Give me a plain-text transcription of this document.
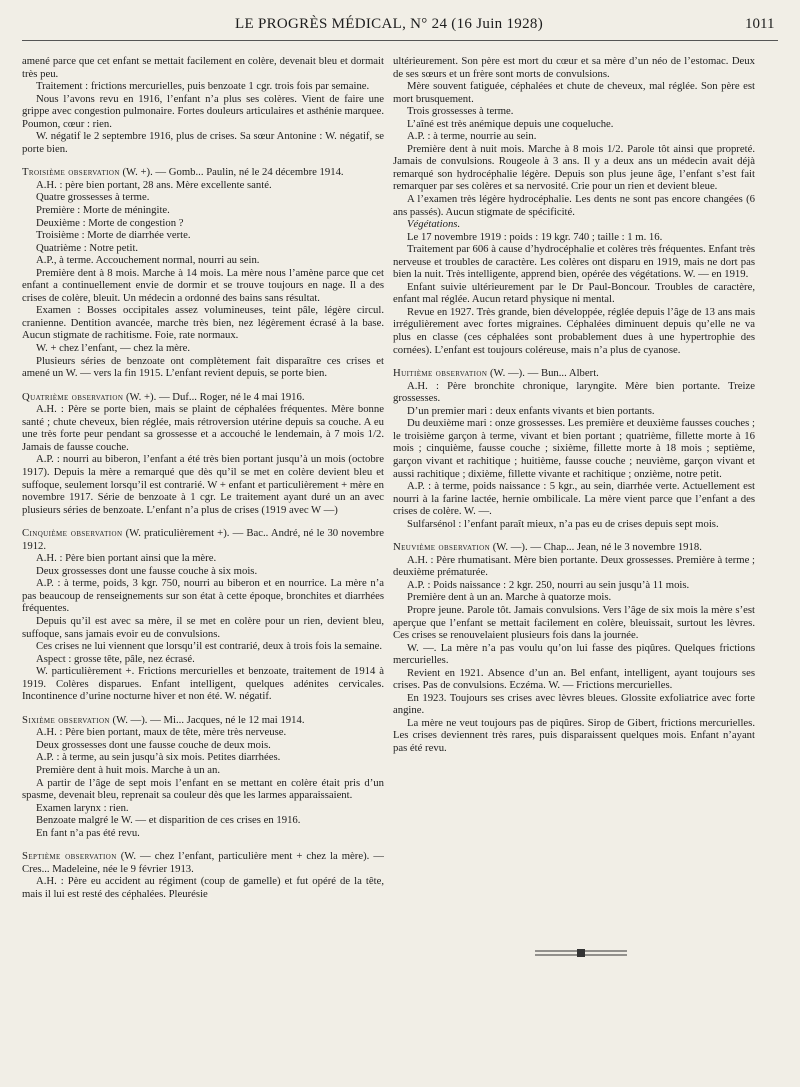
LE PROGRÈS MÉDICAL, N° 24 (16 Juin 1928)	1011

amené parce que cet enfant se mettait facilement en colère, devenait bleu et dormait très peu.

Traitement : frictions mercurielles, puis benzoate 1 cgr. trois fois par semaine.

Nous l’avons revu en 1916, l’enfant n’a plus ses colères. Vient de faire une grippe avec congestion pulmonaire. Fortes douleurs articulaires et asthénie marquee. Poumon, cœur : rien.

W. négatif le 2 septembre 1916, plus de crises. Sa sœur Antonine : W. négatif, se porte bien.

Troisième observation (W. +). — Gomb... Paulin, né le 24 décembre 1914.

A.H. : père bien portant, 28 ans. Mère excellente santé.

Quatre grossesses à terme.

Première : Morte de méningite.

Deuxième : Morte de congestion ?

Troisième : Morte de diarrhée verte.

Quatrième : Notre petit.

A.P., à terme. Accouchement normal, nourri au sein.

Première dent à 8 mois. Marche à 14 mois. La mère nous l’amène parce que cet enfant a continuellement envie de dormir et se trouve toujours en nage. Il a des crises de colère, bleuit. Un médecin a ordonné des bains sans résultat.

Examen : Bosses occipitales assez volumineuses, teint pâle, légère circul. cranienne. Dentition avancée, marche très bien, nez légèrement écrasé à la base. Aucun stigmate de rachitisme. Foie, rate normaux.

W. + chez l’enfant, — chez la mère.

Plusieurs séries de benzoate ont complètement fait disparaître ces crises et amené un W. — vers la fin 1915. L’enfant revient depuis, se porte bien.

Quatrième observation (W. +). — Duf... Roger, né le 4 mai 1916.

A.H. : Père se porte bien, mais se plaint de céphalées fréquentes. Mère bonne santé ; chute cheveux, bien réglée, mais rétroversion utérine depuis sa couche. A eu une très forte peur pendant sa grossesse et a accouché le lendemain, à 7 mois 1/2. Jamais de fausse couche.

A.P. : nourri au biberon, l’enfant a été très bien portant jusqu’à un mois (octobre 1917). Depuis la mère a remarqué que dès qu’il se met en colère devient bleu et suffoque, seulement lorsqu’il est contrarié. W + enfant et particulièrement + mère en novembre 1917. Série de benzoate à 1 cgr. Le traitement ayant duré un an avec plusieurs séries de benzoate. L’enfant n’a plus de crises (1919 avec W —)

Cinquième observation (W. praticulièrement +). — Bac.. André, né le 30 novembre 1912.

A.H. : Père bien portant ainsi que la mère.

Deux grossesses dont une fausse couche à six mois.

A.P. : à terme, poids, 3 kgr. 750, nourri au biberon et en nourrice. La mère n’a pas beaucoup de renseignements sur son état à cette époque, bronchites et diarrhées fréquentes.

Depuis qu’il est avec sa mère, il se met en colère pour un rien, devient bleu, suffoque, sans jamais evoir eu de convulsions.

Ces crises ne lui viennent que lorsqu’il est contrarié, deux à trois fois la semaine.

Aspect : grosse tête, pâle, nez écrasé.

W. particulièrement +. Frictions mercurielles et benzoate, traitement de 1914 à 1919. Colères disparues. Enfant intelligent, quelques adénites cervicales. Incontinence d’urine nocturne hiver et non été. W. négatif.

Sixième observation (W. —). — Mi... Jacques, né le 12 mai 1914.

A.H. : Père bien portant, maux de tête, mère très nerveuse.

Deux grossesses dont une fausse couche de deux mois.

A.P. : à terme, au sein jusqu’à six mois. Petites diarrhées.

Première dent à huit mois. Marche à un an.

A partir de l’âge de sept mois l’enfant en se mettant en colère était pris d’un spasme, devenait bleu, reprenait sa couleur dès que les larmes apparaissaient.

Examen larynx : rien.

Benzoate malgré le W. — et disparition de ces crises en 1916.

En fant n’a pas été revu.

Septième observation (W. — chez l’enfant, particulière ment + chez la mère). — Cres... Madeleine, née le 9 février 1913.

A.H. : Père eu accident au régiment (coup de gamelle) et fut opéré de la tête, mais il lui est resté des céphalées. Pleurésie

ultérieurement. Son père est mort du cœur et sa mère d’un néo de l’estomac. Deux de ses sœurs et un frère sont morts de convulsions.

Mère souvent fatiguée, céphalées et chute de cheveux, mal réglée. Son père est mort brusquement.

Trois grossesses à terme.

L’aîné est très anémique depuis une coqueluche.

A.P. : à terme, nourrie au sein.

Première dent à nuit mois. Marche à 8 mois 1/2. Parole tôt ainsi que propreté. Jamais de convulsions. Rougeole à 3 ans. Il y a deux ans un médecin avait déjà remarqué son hydrocéphalie légère. Depuis son plus jeune âge, l’enfant s’est fait remarquer par ses colères et sa nervosité. Crie pour un rien et devient bleue.

A l’examen très légère hydrocéphalie. Les dents ne sont pas encore changées (6 ans passés). Aucun stigmate de spécificité.

Végétations.

Le 17 novembre 1919 : poids : 19 kgr. 740 ; taille : 1 m. 16.

Traitement par 606 à cause d’hydrocéphalie et colères très fréquentes. Enfant très nerveuse et troubles de caractère. Les colères ont disparu en 1919, mais ne dort pas bien la nuit. Très intelligente, apprend bien, opérée des végétations. W. — en 1919.

Enfant suivie ultérieurement par le Dr Paul-Boncour. Troubles de caractère, enfant mal réglée. Aucun retard physique ni mental.

Revue en 1927. Très grande, bien développée, réglée depuis l’âge de 13 ans mais irrégulièrement avec fortes migraines. Céphalées diminuent depuis qu’elle ne va plus en classe (ces céphalées sont probablement dues à une hypertrophie des cornées). L’enfant est toujours coléreuse, mais n’a plus de cyanose.

Huitième observation (W. —). — Bun... Albert.

A.H. : Père bronchite chronique, laryngite. Mère bien portante. Treize grossesses.

D’un premier mari : deux enfants vivants et bien portants.

Du deuxième mari : onze grossesses. Les première et deuxième fausses couches ; le troisième garçon à terme, vivant et bien portant ; quatrième, fillette morte à 16 mois ; cinquième, fausse couche ; sixième, fillette morte à 18 mois ; septième, garçon vivant et rachitique ; huitième, fausse couche ; neuvième, garçon vivant et aussi rachitique ; dixième, fillette vivante et rachitique ; onzième, notre petit.

A.P. : à terme, poids naissance : 5 kgr., au sein, diarrhée verte. Actuellement est nourri à la farine lactée, hernie ombilicale. La mère vient parce que l’enfant a des crises de colère. W. —.

Sulfarsénol : l’enfant paraît mieux, n’a pas eu de crises depuis sept mois.

Neuvième observation (W. —). — Chap... Jean, né le 3 novembre 1918.

A.H. : Père rhumatisant. Mère bien portante. Deux grossesses. Première à terme ; deuxième prématurée.

A.P. : Poids naissance : 2 kgr. 250, nourri au sein jusqu’à 11 mois.

Première dent à un an. Marche à quatorze mois.

Propre jeune. Parole tôt. Jamais convulsions. Vers l’âge de six mois la mère s’est aperçue que l’enfant se mettait facilement en colère, bleuissait, surtout les lèvres. Ces crises se renouvelaient plusieurs fois dans la journée.

W. —. La mère n’a pas voulu qu’on lui fasse des piqûres. Quelques frictions mercurielles.

Revient en 1921. Absence d’un an. Bel enfant, intelligent, ayant toujours ses crises. Pas de convulsions. Eczéma. W. — Frictions mercurielles.

En 1923. Toujours ses crises avec lèvres bleues. Glossite exfoliatrice avec forte angine.

La mère ne veut toujours pas de piqûres. Sirop de Gibert, frictions mercurielles. Les crises deviennent très rares, puis disparaissent quelques mois. Enfant n’ayant pas été revu.
